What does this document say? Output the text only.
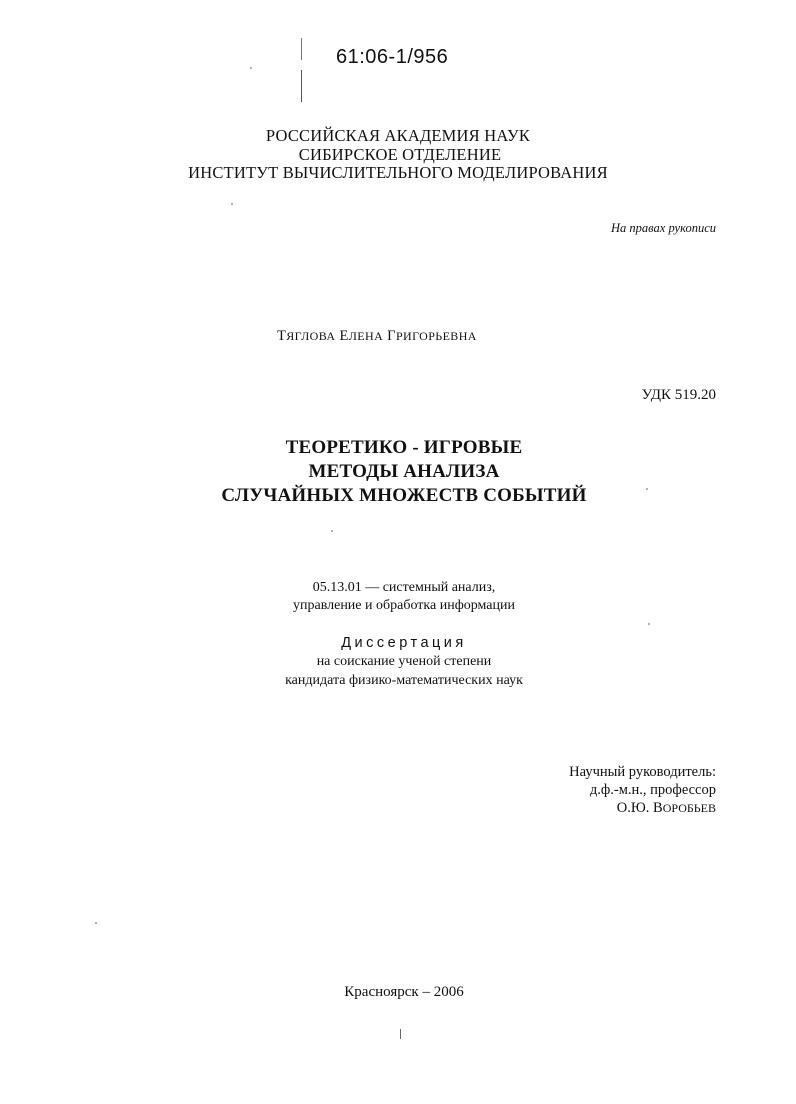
61:06-1/956
РОССИЙСКАЯ АКАДЕМИЯ НАУК
СИБИРСКОЕ ОТДЕЛЕНИЕ
ИНСТИТУТ ВЫЧИСЛИТЕЛЬНОГО МОДЕЛИРОВАНИЯ
На правах рукописи
ТЯГЛОВА ЕЛЕНА ГРИГОРЬЕВНА
УДК 519.20
ТЕОРЕТИКО - ИГРОВЫЕ
МЕТОДЫ АНАЛИЗА
СЛУЧАЙНЫХ МНОЖЕСТВ СОБЫТИЙ
05.13.01 — системный анализ,
управление и обработка информации
Диссертация
на соискание ученой степени
кандидата физико-математических наук
Научный руководитель:
д.ф.-м.н., профессор
О.Ю. ВОРОБЬЕВ
Красноярск – 2006
